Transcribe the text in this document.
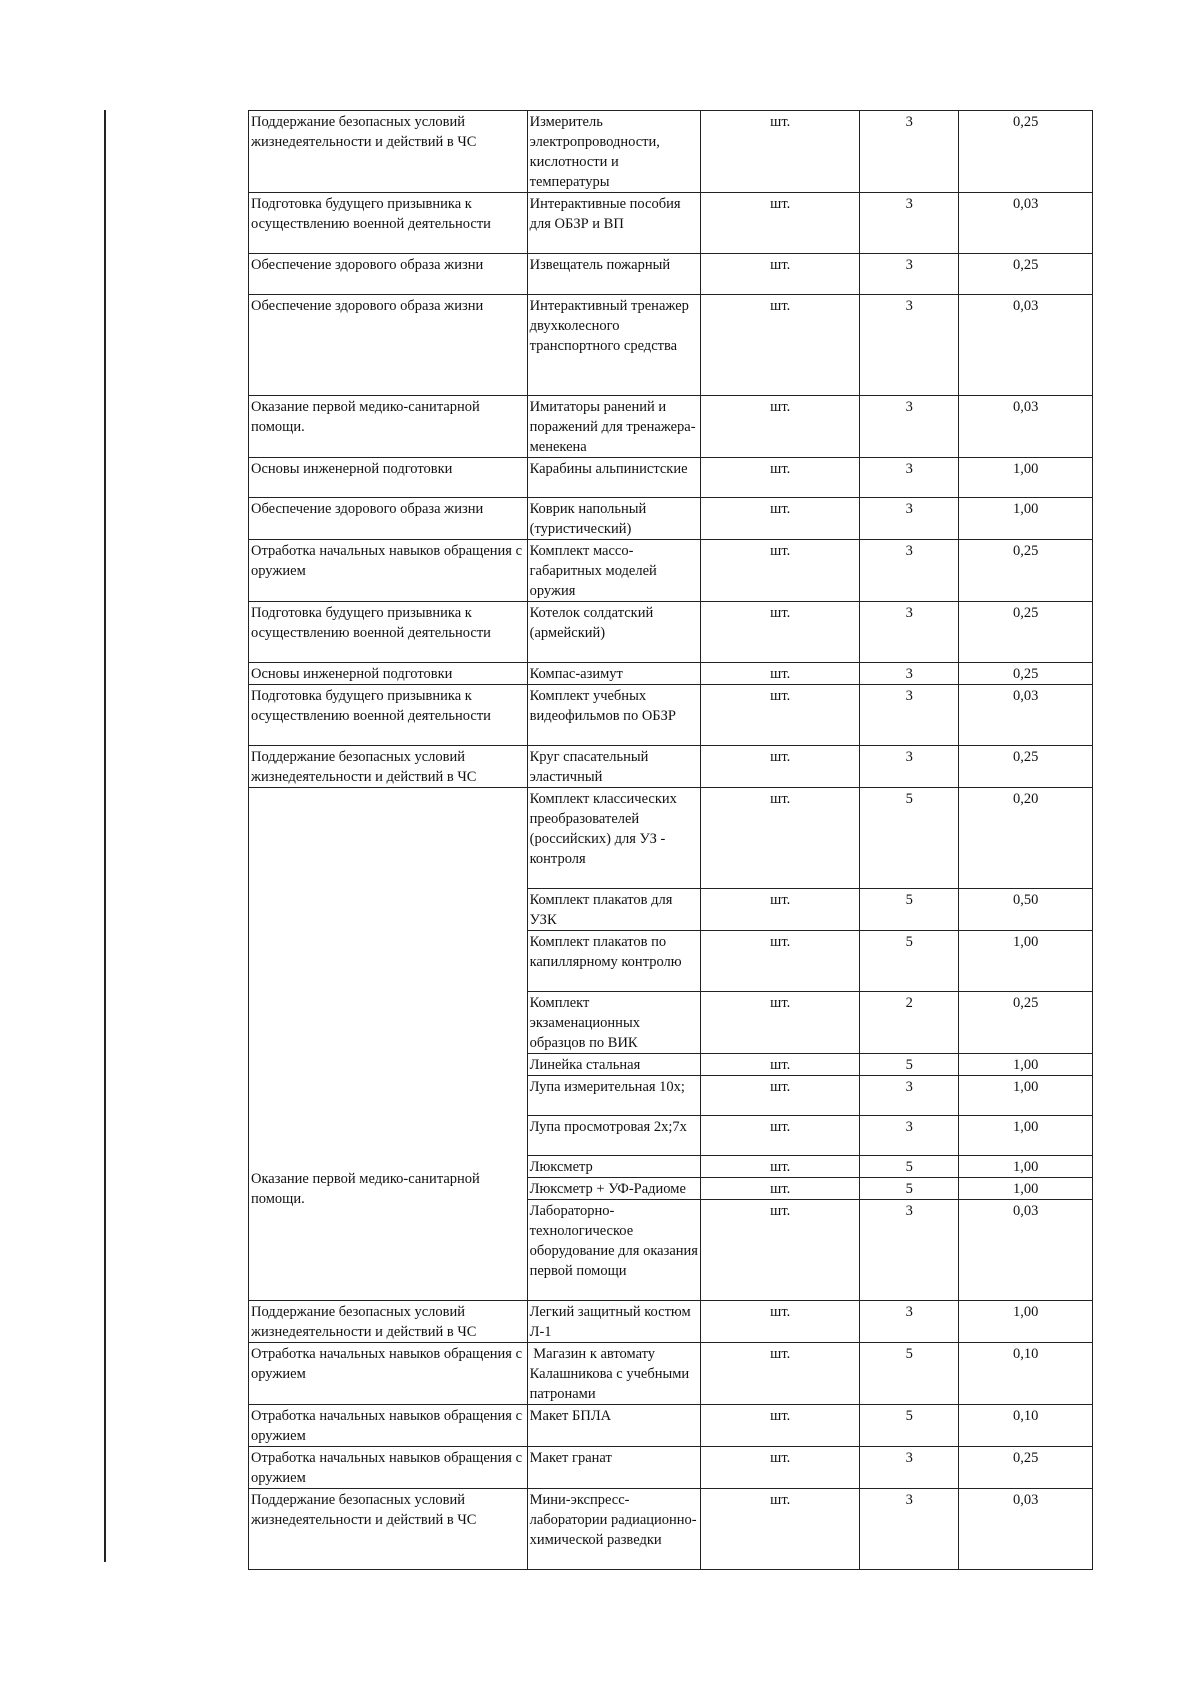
Поддержание безопасных условий жизнедеятельности и действий в ЧС	Измеритель электропроводности, кислотности и температуры	шт.	3	0,25
Подготовка будущего призывника к осуществлению военной деятельности	Интерактивные пособия для ОБЗР и ВП	шт.	3	0,03
Обеспечение здорового образа жизни	Извещатель пожарный	шт.	3	0,25
Обеспечение здорового образа жизни	Интерактивный тренажер двухколесного транспортного средства	шт.	3	0,03
Оказание первой медико-санитарной помощи.	Имитаторы ранений и поражений для тренажера-менекена	шт.	3	0,03
Основы инженерной подготовки	Карабины альпинистские	шт.	3	1,00
Обеспечение здорового образа жизни	Коврик напольный (туристический)	шт.	3	1,00
Отработка начальных навыков обращения с оружием	Комплект массо-габаритных моделей оружия	шт.	3	0,25
Подготовка будущего призывника к осуществлению военной деятельности	Котелок солдатский (армейский)	шт.	3	0,25
Основы инженерной подготовки	Компас-азимут	шт.	3	0,25
Подготовка будущего призывника к осуществлению военной деятельности	Комплект учебных видеофильмов по ОБЗР	шт.	3	0,03
Поддержание безопасных условий жизнедеятельности и действий в ЧС	Круг спасательный эластичный	шт.	3	0,25

Оказание первой медико-санитарной помощи.	Комплект классических преобразователей (российских) для УЗ - контроля	шт.	5	0,20
	Комплект плакатов для УЗК	шт.	5	0,50
	Комплект плакатов по капиллярному контролю	шт.	5	1,00
	Комплект экзаменационных образцов по ВИК	шт.	2	0,25
	Линейка стальная	шт.	5	1,00
	Лупа измерительная 10х;	шт.	3	1,00
	Лупа просмотровая 2х;7х	шт.	3	1,00
	Люксметр	шт.	5	1,00
	Люксметр + УФ-Радиоме	шт.	5	1,00
	Лабораторно-технологическое оборудование для оказания первой помощи	шт.	3	0,03
Поддержание безопасных условий жизнедеятельности и действий в ЧС	Легкий защитный костюм Л-1	шт.	3	1,00
Отработка начальных навыков обращения с оружием	Магазин к автомату Калашникова с учебными патронами	шт.	5	0,10
Отработка начальных навыков обращения с оружием	Макет БПЛА	шт.	5	0,10
Отработка начальных навыков обращения с оружием	Макет гранат	шт.	3	0,25
Поддержание безопасных условий жизнедеятельности и действий в ЧС	Мини-экспресс-лаборатории радиационно-химической разведки	шт.	3	0,03
